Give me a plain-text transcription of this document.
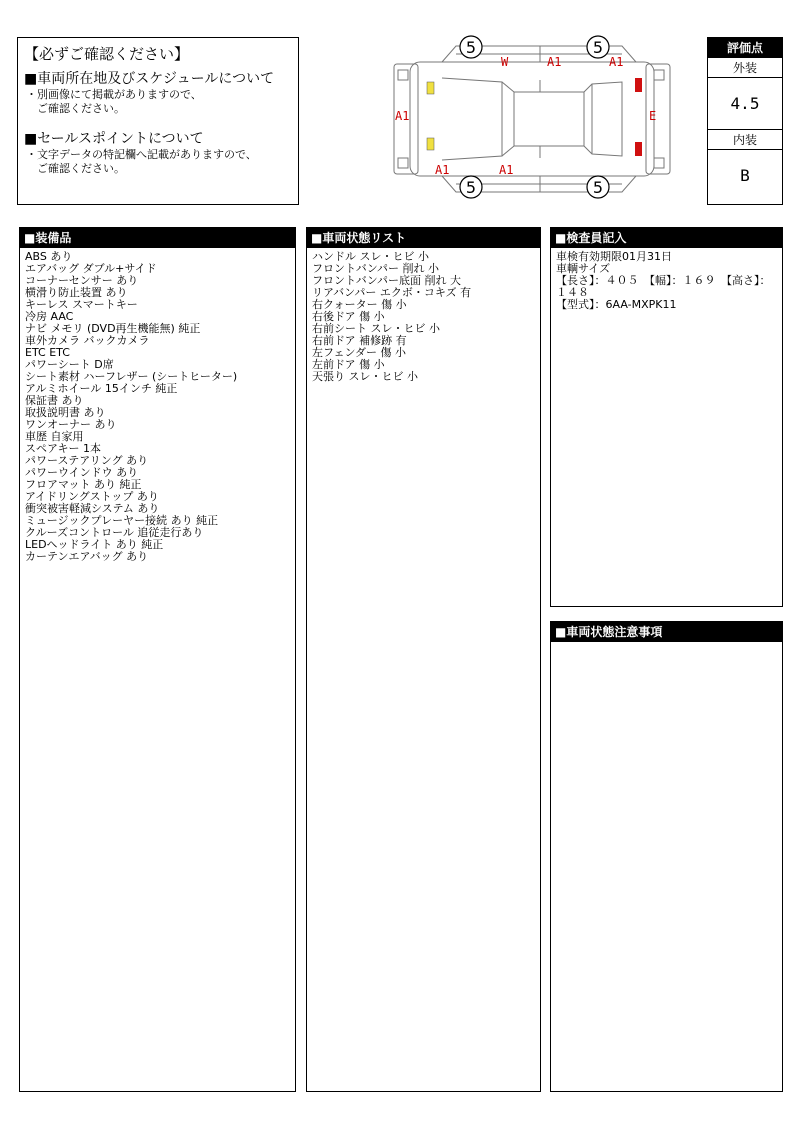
【必ずご確認ください】
■車両所在地及びスケジュールについて
・別画像にて掲載がありますので、
　ご確認ください。
■セールスポイントについて
・文字データの特記欄へ記載がありますので、
　ご確認ください。
5	5
5	5
W	A1	A1
A1	E
A1	A1
評価点
外装
4.5
内装
B
■装備品
ABS あり
エアバッグ ダブル+サイド
コーナーセンサー あり
横滑り防止装置 あり
キーレス スマートキー
冷房 AAC
ナビ メモリ (DVD再生機能無) 純正
車外カメラ バックカメラ
ETC ETC
パワーシート D席
シート素材 ハーフレザー (シートヒーター)
アルミホイール 15インチ 純正
保証書 あり
取扱説明書 あり
ワンオーナー あり
車歴 自家用
スペアキー 1本
パワーステアリング あり
パワーウインドウ あり
フロアマット あり 純正
アイドリングストップ あり
衝突被害軽減システム あり
ミュージックプレーヤー接続 あり 純正
クルーズコントロール 追従走行あり
LEDヘッドライト あり 純正
カーテンエアバッグ あり
■車両状態リスト
ハンドル スレ・ヒビ 小
フロントバンパー 削れ 小
フロントバンパー底面 削れ 大
リアバンパー エクボ・コキズ 有
右クォーター 傷 小
右後ドア 傷 小
右前シート スレ・ヒビ 小
右前ドア 補修跡 有
左フェンダー 傷 小
左前ドア 傷 小
天張り スレ・ヒビ 小
■検査員記入
車検有効期限01月31日
車輌サイズ
【長さ】：４０５　【幅】：１６９　【高さ】：１４８
【型式】：6AA-MXPK11
■車両状態注意事項
